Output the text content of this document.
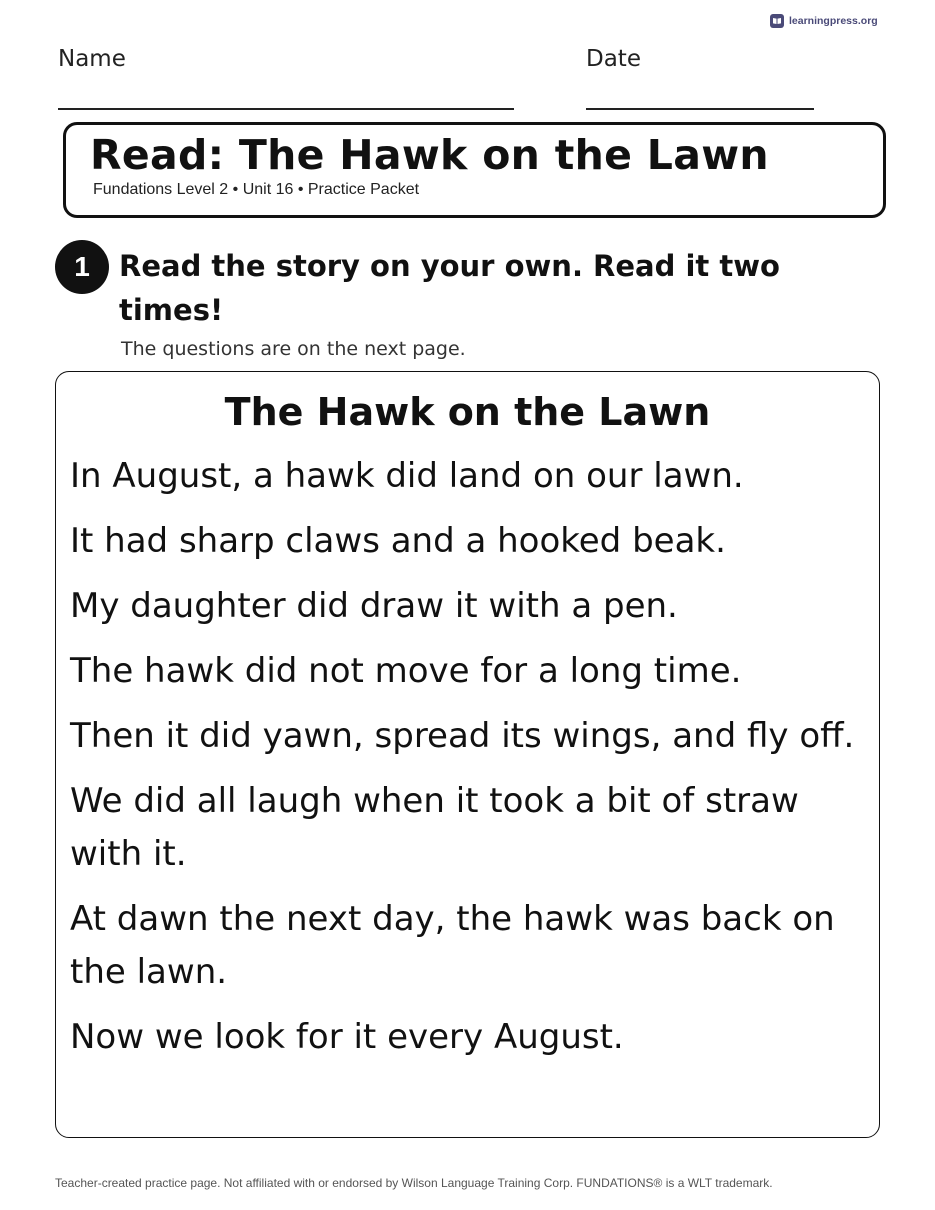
learningpress.org
Name	Date
Read: The Hawk on the Lawn
Fundations Level 2 • Unit 16 • Practice Packet
1	Read the story on your own. Read it two times!

The questions are on the next page.
The Hawk on the Lawn
In August, a hawk did land on our lawn.
It had sharp claws and a hooked beak.
My daughter did draw it with a pen.
The hawk did not move for a long time.
Then it did yawn, spread its wings, and fly off.
We did all laugh when it took a bit of straw with it.
At dawn the next day, the hawk was back on the lawn.
Now we look for it every August.
Teacher-created practice page. Not affiliated with or endorsed by Wilson Language Training Corp. FUNDATIONS® is a WLT trademark.
